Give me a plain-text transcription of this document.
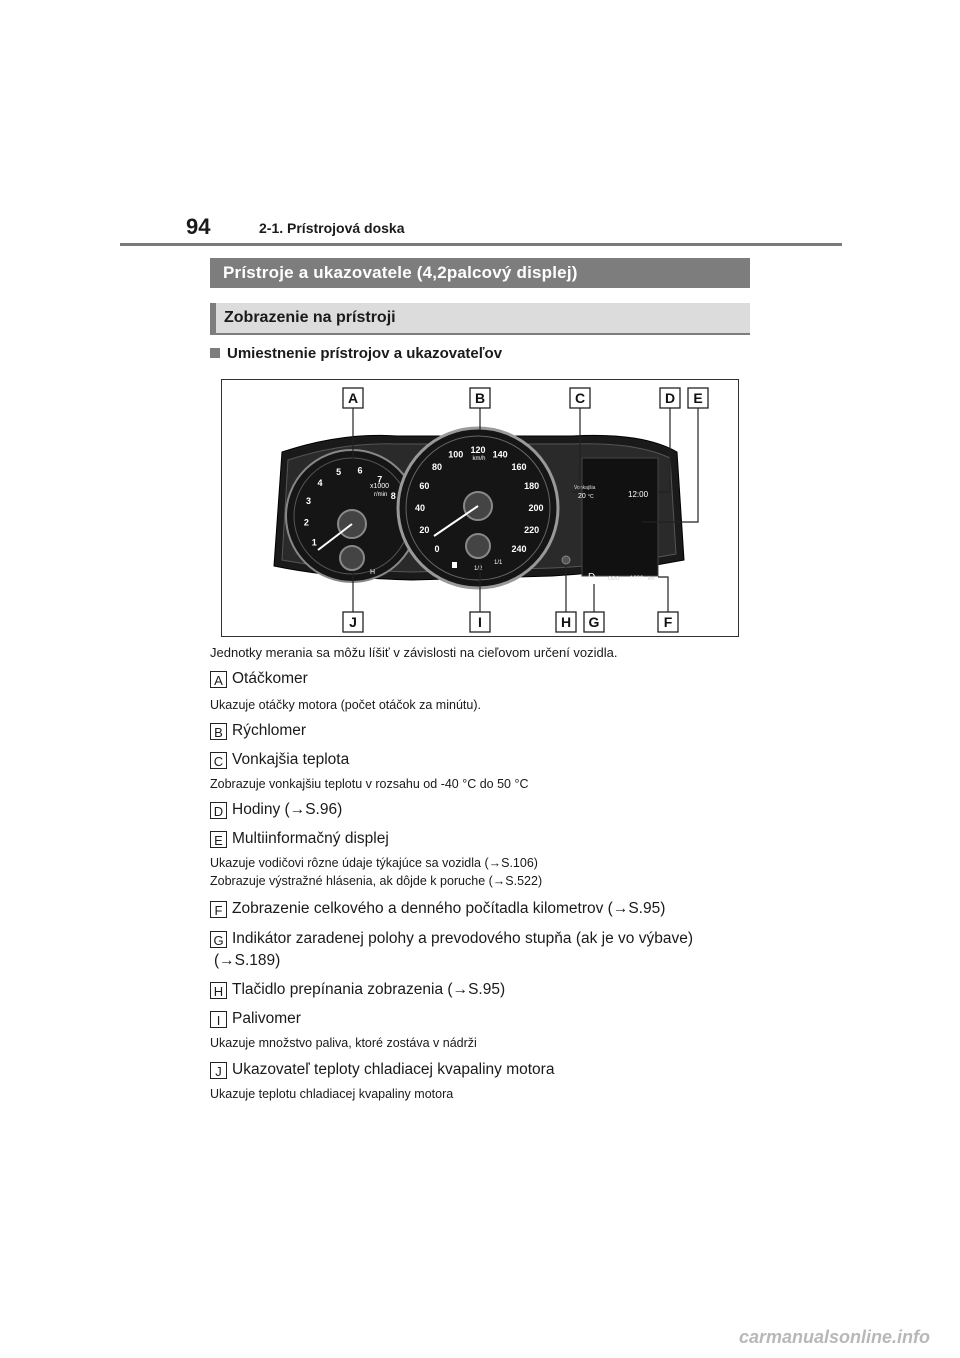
94	2-1. Prístrojová doska
Prístroje a ukazovatele (4,2palcový displej)
Zobrazenie na prístroji
Umiestnenie prístrojov a ukazovateľov
1
2
3
4
5 6
7
8
x1000
r/min
H
0
20
40
60
80
100 120 140
160
180
200
220
240
km/h
1/2
1/1
Vonkajšia
20 °C	12:00
D	ODO 1000 km
A	B	C	D E
F
G
H
I
J
Jednotky merania sa môžu líšiť v závislosti na cieľovom určení vozidla.
A Otáčkomer
Ukazuje otáčky motora (počet otáčok za minútu).
B Rýchlomer
C Vonkajšia teplota
Zobrazuje vonkajšiu teplotu v rozsahu od -40 °C do 50 °C
D Hodiny (→S.96)
E Multiinformačný displej
Ukazuje vodičovi rôzne údaje týkajúce sa vozidla (→S.106)
Zobrazuje výstražné hlásenia, ak dôjde k poruche (→S.522)
F Zobrazenie celkového a denného počítadla kilometrov (→S.95)
G Indikátor zaradenej polohy a prevodového stupňa (ak je vo výbave)
(→S.189)
H Tlačidlo prepínania zobrazenia (→S.95)
I Palivomer
Ukazuje množstvo paliva, ktoré zostáva v nádrži
J Ukazovateľ teploty chladiacej kvapaliny motora
Ukazuje teplotu chladiacej kvapaliny motora
carmanualsonline.info
